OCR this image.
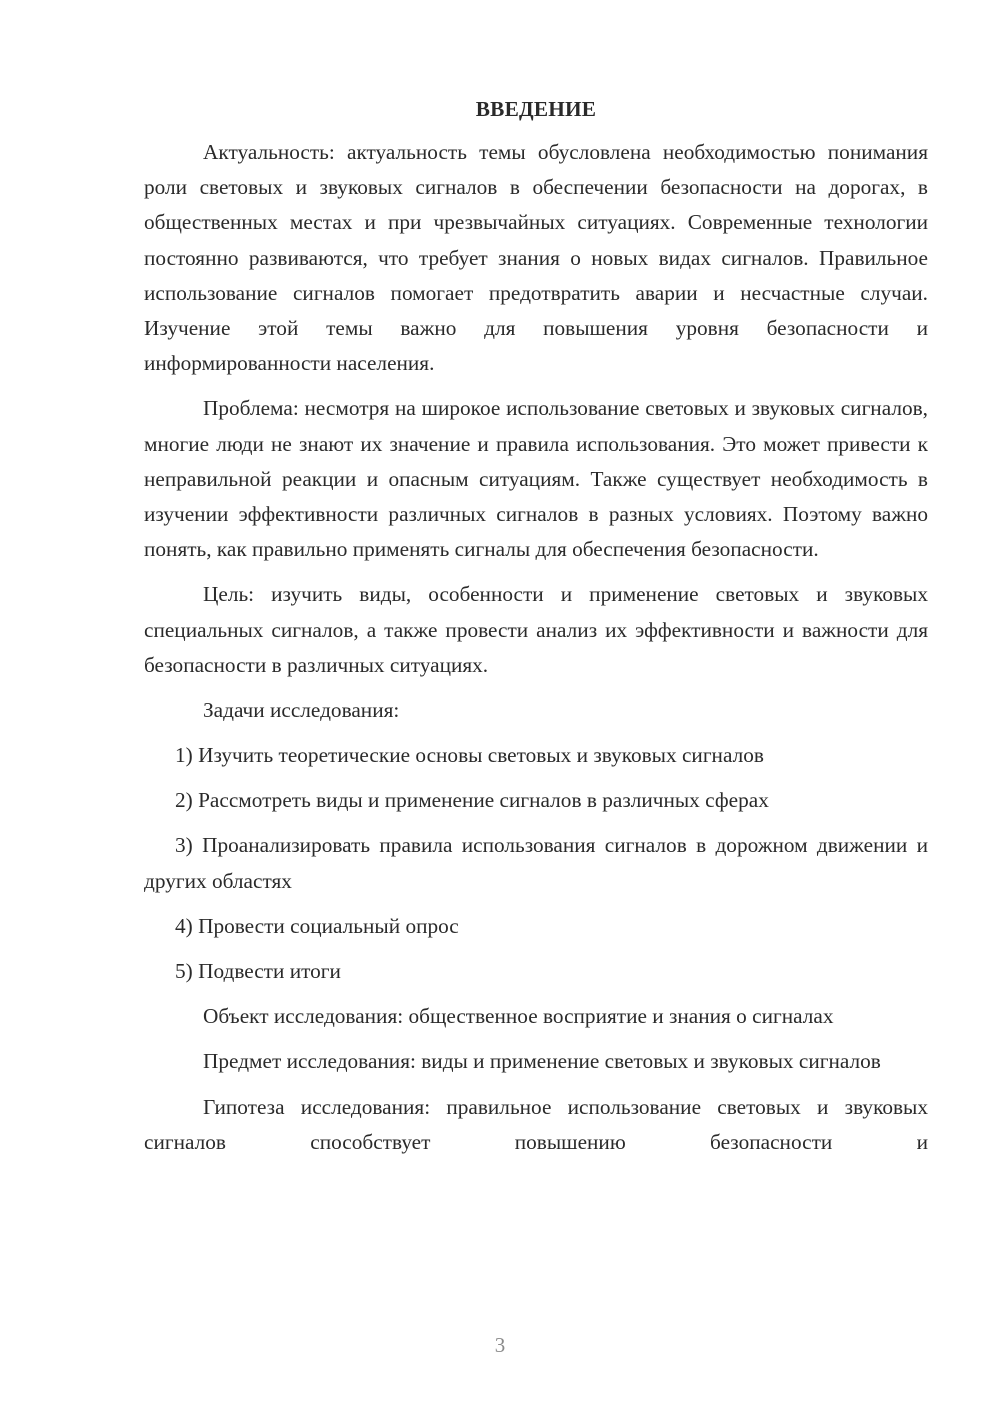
ВВЕДЕНИЕ

Актуальность: актуальность темы обусловлена необходимостью понимания роли световых и звуковых сигналов в обеспечении безопасности на дорогах, в общественных местах и при чрезвычайных ситуациях. Современные технологии постоянно развиваются, что требует знания о новых видах сигналов. Правильное использование сигналов помогает предотвратить аварии и несчастные случаи. Изучение этой темы важно для повышения уровня безопасности и информированности населения.

Проблема: несмотря на широкое использование световых и звуковых сигналов, многие люди не знают их значение и правила использования. Это может привести к неправильной реакции и опасным ситуациям. Также существует необходимость в изучении эффективности различных сигналов в разных условиях. Поэтому важно понять, как правильно применять сигналы для обеспечения безопасности.

Цель: изучить виды, особенности и применение световых и звуковых специальных сигналов, а также провести анализ их эффективности и важности для безопасности в различных ситуациях.

Задачи исследования:

1) Изучить теоретические основы световых и звуковых сигналов
2) Рассмотреть виды и применение сигналов в различных сферах
3) Проанализировать правила использования сигналов в дорожном движении и других областях
4) Провести социальный опрос
5) Подвести итоги

Объект исследования: общественное восприятие и знания о сигналах

Предмет исследования: виды и применение световых и звуковых сигналов

Гипотеза исследования: правильное использование световых и звуковых сигналов способствует повышению безопасности и

3
